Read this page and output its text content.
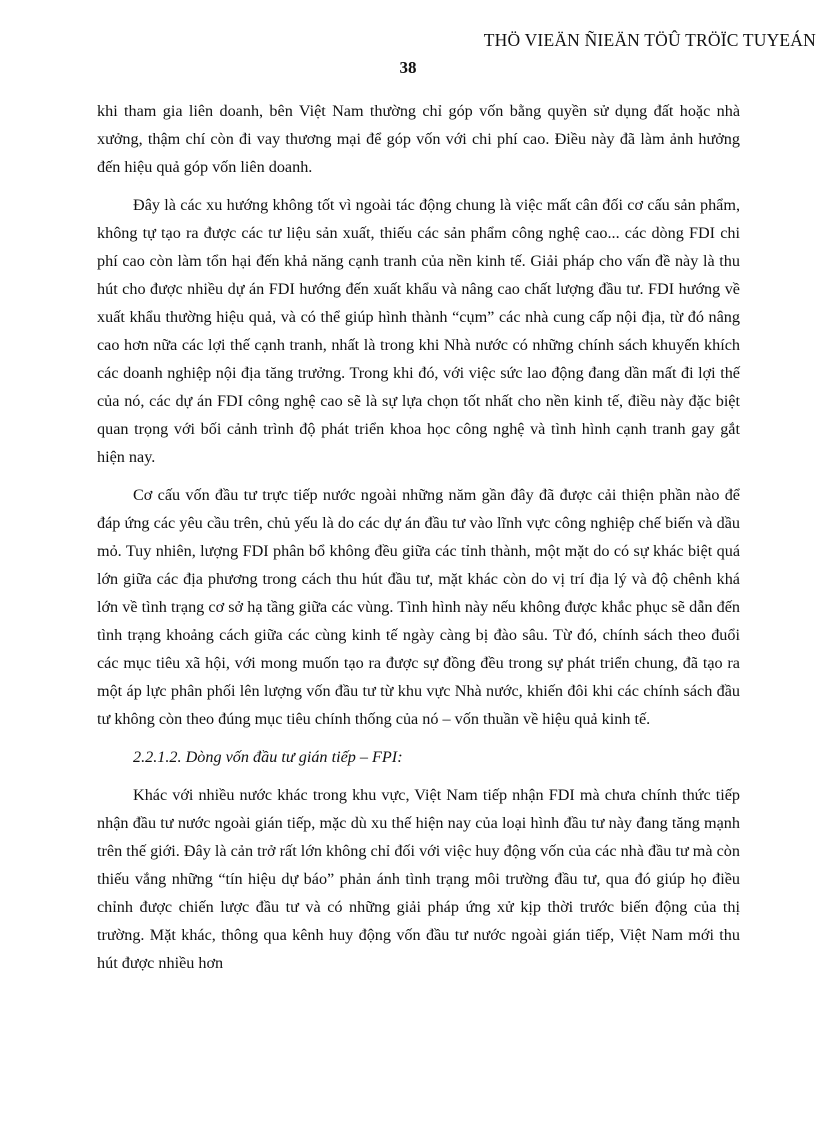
THÖ VIEÄN ÑIEÄN TÖÛ TRÖÏC TUYEÁN
38

khi tham gia liên doanh, bên Việt Nam thường chỉ góp vốn bằng quyền sử dụng đất hoặc nhà xưởng, thậm chí còn đi vay thương mại để góp vốn với chi phí cao. Điều này đã làm ảnh hưởng đến hiệu quả góp vốn liên doanh.

Đây là các xu hướng không tốt vì ngoài tác động chung là việc mất cân đối cơ cấu sản phẩm, không tự tạo ra được các tư liệu sản xuất, thiếu các sản phẩm công nghệ cao... các dòng FDI chi phí cao còn làm tổn hại đến khả năng cạnh tranh của nền kinh tế. Giải pháp cho vấn đề này là thu hút cho được nhiều dự án FDI hướng đến xuất khẩu và nâng cao chất lượng đầu tư. FDI hướng về xuất khẩu thường hiệu quả, và có thể giúp hình thành “cụm” các nhà cung cấp nội địa, từ đó nâng cao hơn nữa các lợi thế cạnh tranh, nhất là trong khi Nhà nước có những chính sách khuyến khích các doanh nghiệp nội địa tăng trưởng. Trong khi đó, với việc sức lao động đang dần mất đi lợi thế của nó, các dự án FDI công nghệ cao sẽ là sự lựa chọn tốt nhất cho nền kinh tế, điều này đặc biệt quan trọng với bối cảnh trình độ phát triển khoa học công nghệ và tình hình cạnh tranh gay gắt hiện nay.

Cơ cấu vốn đầu tư trực tiếp nước ngoài những năm gần đây đã được cải thiện phần nào để đáp ứng các yêu cầu trên, chủ yếu là do các dự án đầu tư vào lĩnh vực công nghiệp chế biến và dầu mỏ. Tuy nhiên, lượng FDI phân bổ không đều giữa các tỉnh thành, một mặt do có sự khác biệt quá lớn giữa các địa phương trong cách thu hút đầu tư, mặt khác còn do vị trí địa lý và độ chênh khá lớn về tình trạng cơ sở hạ tầng giữa các vùng. Tình hình này nếu không được khắc phục sẽ dẫn đến tình trạng khoảng cách giữa các cùng kinh tế ngày càng bị đào sâu. Từ đó, chính sách theo đuổi các mục tiêu xã hội, với mong muốn tạo ra được sự đồng đều trong sự phát triển chung, đã tạo ra một áp lực phân phối lên lượng vốn đầu tư từ khu vực Nhà nước, khiến đôi khi các chính sách đầu tư không còn theo đúng mục tiêu chính thống của nó – vốn thuần về hiệu quả kinh tế.

2.2.1.2. Dòng vốn đầu tư gián tiếp – FPI:

Khác với nhiều nước khác trong khu vực, Việt Nam tiếp nhận FDI mà chưa chính thức tiếp nhận đầu tư nước ngoài gián tiếp, mặc dù xu thế hiện nay của loại hình đầu tư này đang tăng mạnh trên thế giới. Đây là cản trở rất lớn không chỉ đối với việc huy động vốn của các nhà đầu tư mà còn thiếu vắng những “tín hiệu dự báo” phản ánh tình trạng môi trường đầu tư, qua đó giúp họ điều chỉnh được chiến lược đầu tư và có những giải pháp ứng xử kịp thời trước biến động của thị trường. Mặt khác, thông qua kênh huy động vốn đầu tư nước ngoài gián tiếp, Việt Nam mới thu hút được nhiều hơn
